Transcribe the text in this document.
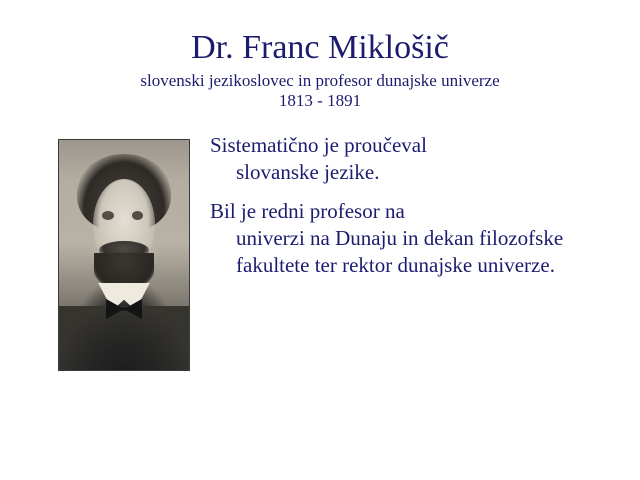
Dr. Franc Miklošič
slovenski jezikoslovec in profesor dunajske univerze
1813 - 1891
Sistematično je proučeval
slovanske jezike.
Bil je redni profesor na
univerzi na Dunaju in dekan filozofske fakultete ter rektor dunajske univerze.
